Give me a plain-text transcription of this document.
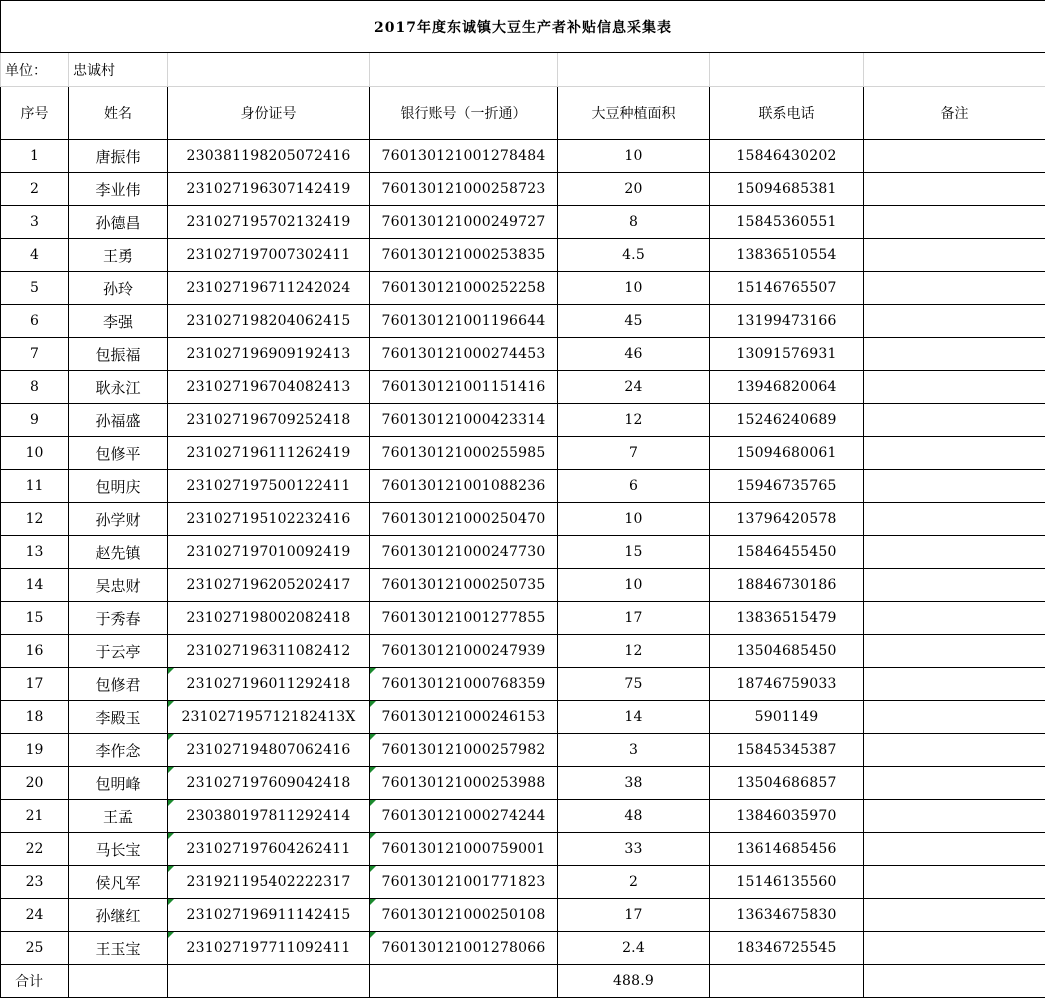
2017年度东诚镇大豆生产者补贴信息采集表						
单位：	忠诚村					
序号	姓名	身份证号	银行账号（一折通）	大豆种植面积	联系电话	备注
1	唐振伟	230381198205072416	760130121001278484	10	15846430202	
2	李业伟	231027196307142419	760130121000258723	20	15094685381	
3	孙德昌	231027195702132419	760130121000249727	8	15845360551	
4	王勇	231027197007302411	760130121000253835	4.5	13836510554	
5	孙玲	231027196711242024	760130121000252258	10	15146765507	
6	李强	231027198204062415	760130121001196644	45	13199473166	
7	包振福	231027196909192413	760130121000274453	46	13091576931	
8	耿永江	231027196704082413	760130121001151416	24	13946820064	
9	孙福盛	231027196709252418	760130121000423314	12	15246240689	
10	包修平	231027196111262419	760130121000255985	7	15094680061	
11	包明庆	231027197500122411	760130121001088236	6	15946735765	
12	孙学财	231027195102232416	760130121000250470	10	13796420578	
13	赵先镇	231027197010092419	760130121000247730	15	15846455450	
14	吴忠财	231027196205202417	760130121000250735	10	18846730186	
15	于秀春	231027198002082418	760130121001277855	17	13836515479	
16	于云亭	231027196311082412	760130121000247939	12	13504685450	
17	包修君	231027196011292418	760130121000768359	75	18746759033	
18	李殿玉	231027195712182413X	760130121000246153	14	5901149	
19	李作念	231027194807062416	760130121000257982	3	15845345387	
20	包明峰	231027197609042418	760130121000253988	38	13504686857	
21	王孟	230380197811292414	760130121000274244	48	13846035970	
22	马长宝	231027197604262411	760130121000759001	33	13614685456	
23	侯凡军	231921195402222317	760130121001771823	2	15146135560	
24	孙继红	231027196911142415	760130121000250108	17	13634675830	
25	王玉宝	231027197711092411	760130121001278066	2.4	18346725545	
合计				488.9		
